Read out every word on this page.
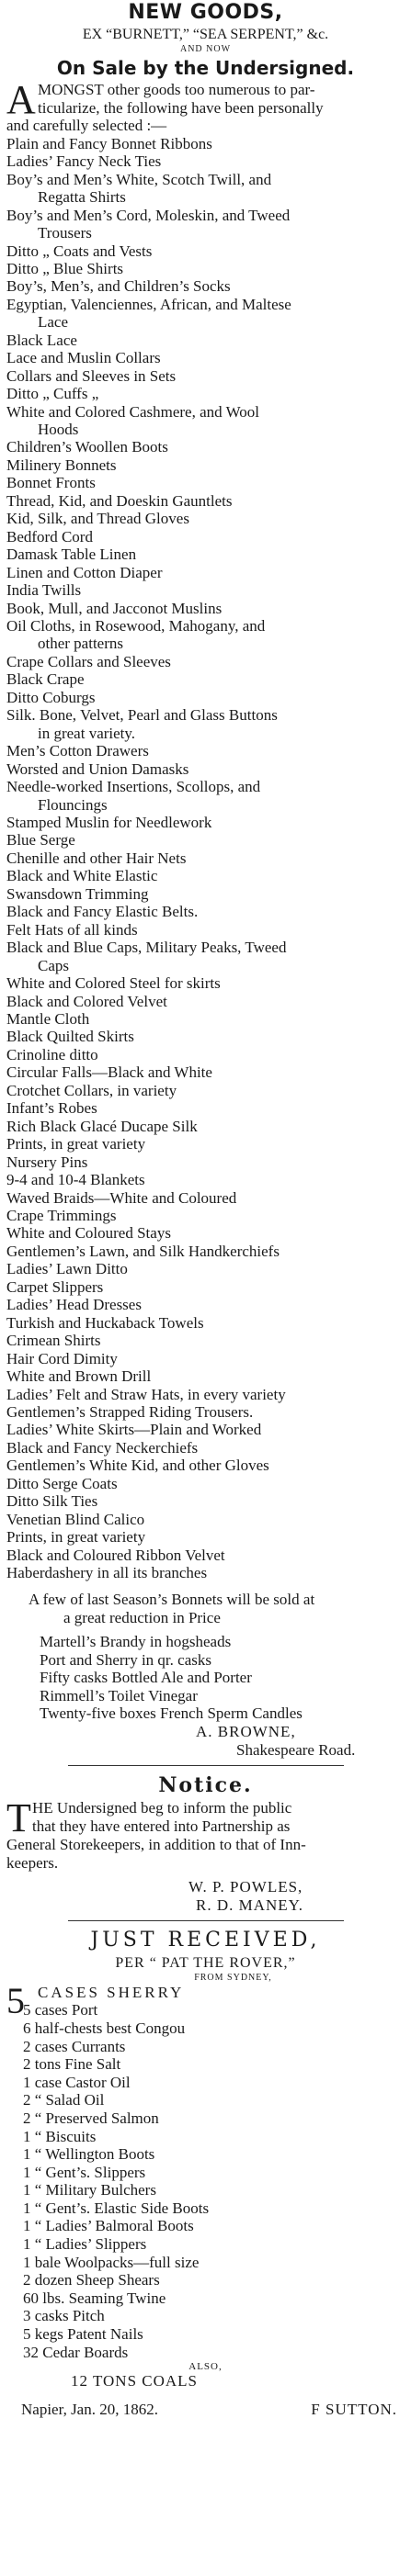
NEW GOODS,
EX “BURNETT,” “SEA SERPENT,” &c.
AND NOW
On Sale by the Undersigned.
A MONGST other goods too numerous to par-
ticularize, the following have been personally
and carefully selected :—
Plain and Fancy Bonnet Ribbons
Ladies’ Fancy Neck Ties
Boy’s and Men’s White, Scotch Twill, and
Regatta Shirts
Boy’s and Men’s Cord, Moleskin, and Tweed
Trousers
Ditto „ Coats and Vests
Ditto „ Blue Shirts
Boy’s, Men’s, and Children’s Socks
Egyptian, Valenciennes, African, and Maltese
Lace
Black Lace
Lace and Muslin Collars
Collars and Sleeves in Sets
Ditto „ Cuffs „
White and Colored Cashmere, and Wool
Hoods
Children’s Woollen Boots
Milinery Bonnets
Bonnet Fronts
Thread, Kid, and Doeskin Gauntlets
Kid, Silk, and Thread Gloves
Bedford Cord
Damask Table Linen
Linen and Cotton Diaper
India Twills
Book, Mull, and Jacconot Muslins
Oil Cloths, in Rosewood, Mahogany, and
other patterns
Crape Collars and Sleeves
Black Crape
Ditto Coburgs
Silk. Bone, Velvet, Pearl and Glass Buttons
in great variety.
Men’s Cotton Drawers
Worsted and Union Damasks
Needle-worked Insertions, Scollops, and
Flouncings
Stamped Muslin for Needlework
Blue Serge
Chenille and other Hair Nets
Black and White Elastic
Swansdown Trimming
Black and Fancy Elastic Belts.
Felt Hats of all kinds
Black and Blue Caps, Military Peaks, Tweed
Caps
White and Colored Steel for skirts
Black and Colored Velvet
Mantle Cloth
Black Quilted Skirts
Crinoline ditto
Circular Falls—Black and White
Crotchet Collars, in variety
Infant’s Robes
Rich Black Glacé Ducape Silk
Prints, in great variety
Nursery Pins
9-4 and 10-4 Blankets
Waved Braids—White and Coloured
Crape Trimmings
White and Coloured Stays
Gentlemen’s Lawn, and Silk Handkerchiefs
Ladies’ Lawn Ditto
Carpet Slippers
Ladies’ Head Dresses
Turkish and Huckaback Towels
Crimean Shirts
Hair Cord Dimity
White and Brown Drill
Ladies’ Felt and Straw Hats, in every variety
Gentlemen’s Strapped Riding Trousers.
Ladies’ White Skirts—Plain and Worked
Black and Fancy Neckerchiefs
Gentlemen’s White Kid, and other Gloves
Ditto Serge Coats
Ditto Silk Ties
Venetian Blind Calico
Prints, in great variety
Black and Coloured Ribbon Velvet
Haberdashery in all its branches
A few of last Season’s Bonnets will be sold at
a great reduction in Price
Martell’s Brandy in hogsheads
Port and Sherry in qr. casks
Fifty casks Bottled Ale and Porter
Rimmell’s Toilet Vinegar
Twenty-five boxes French Sperm Candles
A. BROWNE,
Shakespeare Road.
Notice.
T HE Undersigned beg to inform the public
that they have entered into Partnership as
General Storekeepers, in addition to that of Inn-
keepers.
W. P. POWLES,
R. D. MANEY.
JUST RECEIVED,
PER “ PAT THE ROVER,”
FROM SYDNEY,
5 CASES SHERRY
5 cases Port
6 half-chests best Congou
2 cases Currants
2 tons Fine Salt
1 case Castor Oil
2 “ Salad Oil
2 “ Preserved Salmon
1 “ Biscuits
1 “ Wellington Boots
1 “ Gent’s. Slippers
1 “ Military Bulchers
1 “ Gent’s. Elastic Side Boots
1 “ Ladies’ Balmoral Boots
1 “ Ladies’ Slippers
1 bale Woolpacks—full size
2 dozen Sheep Shears
60 lbs. Seaming Twine
3 casks Pitch
5 kegs Patent Nails
32 Cedar Boards
ALSO,
12 TONS COALS
Napier, Jan. 20, 1862.	F SUTTON.
